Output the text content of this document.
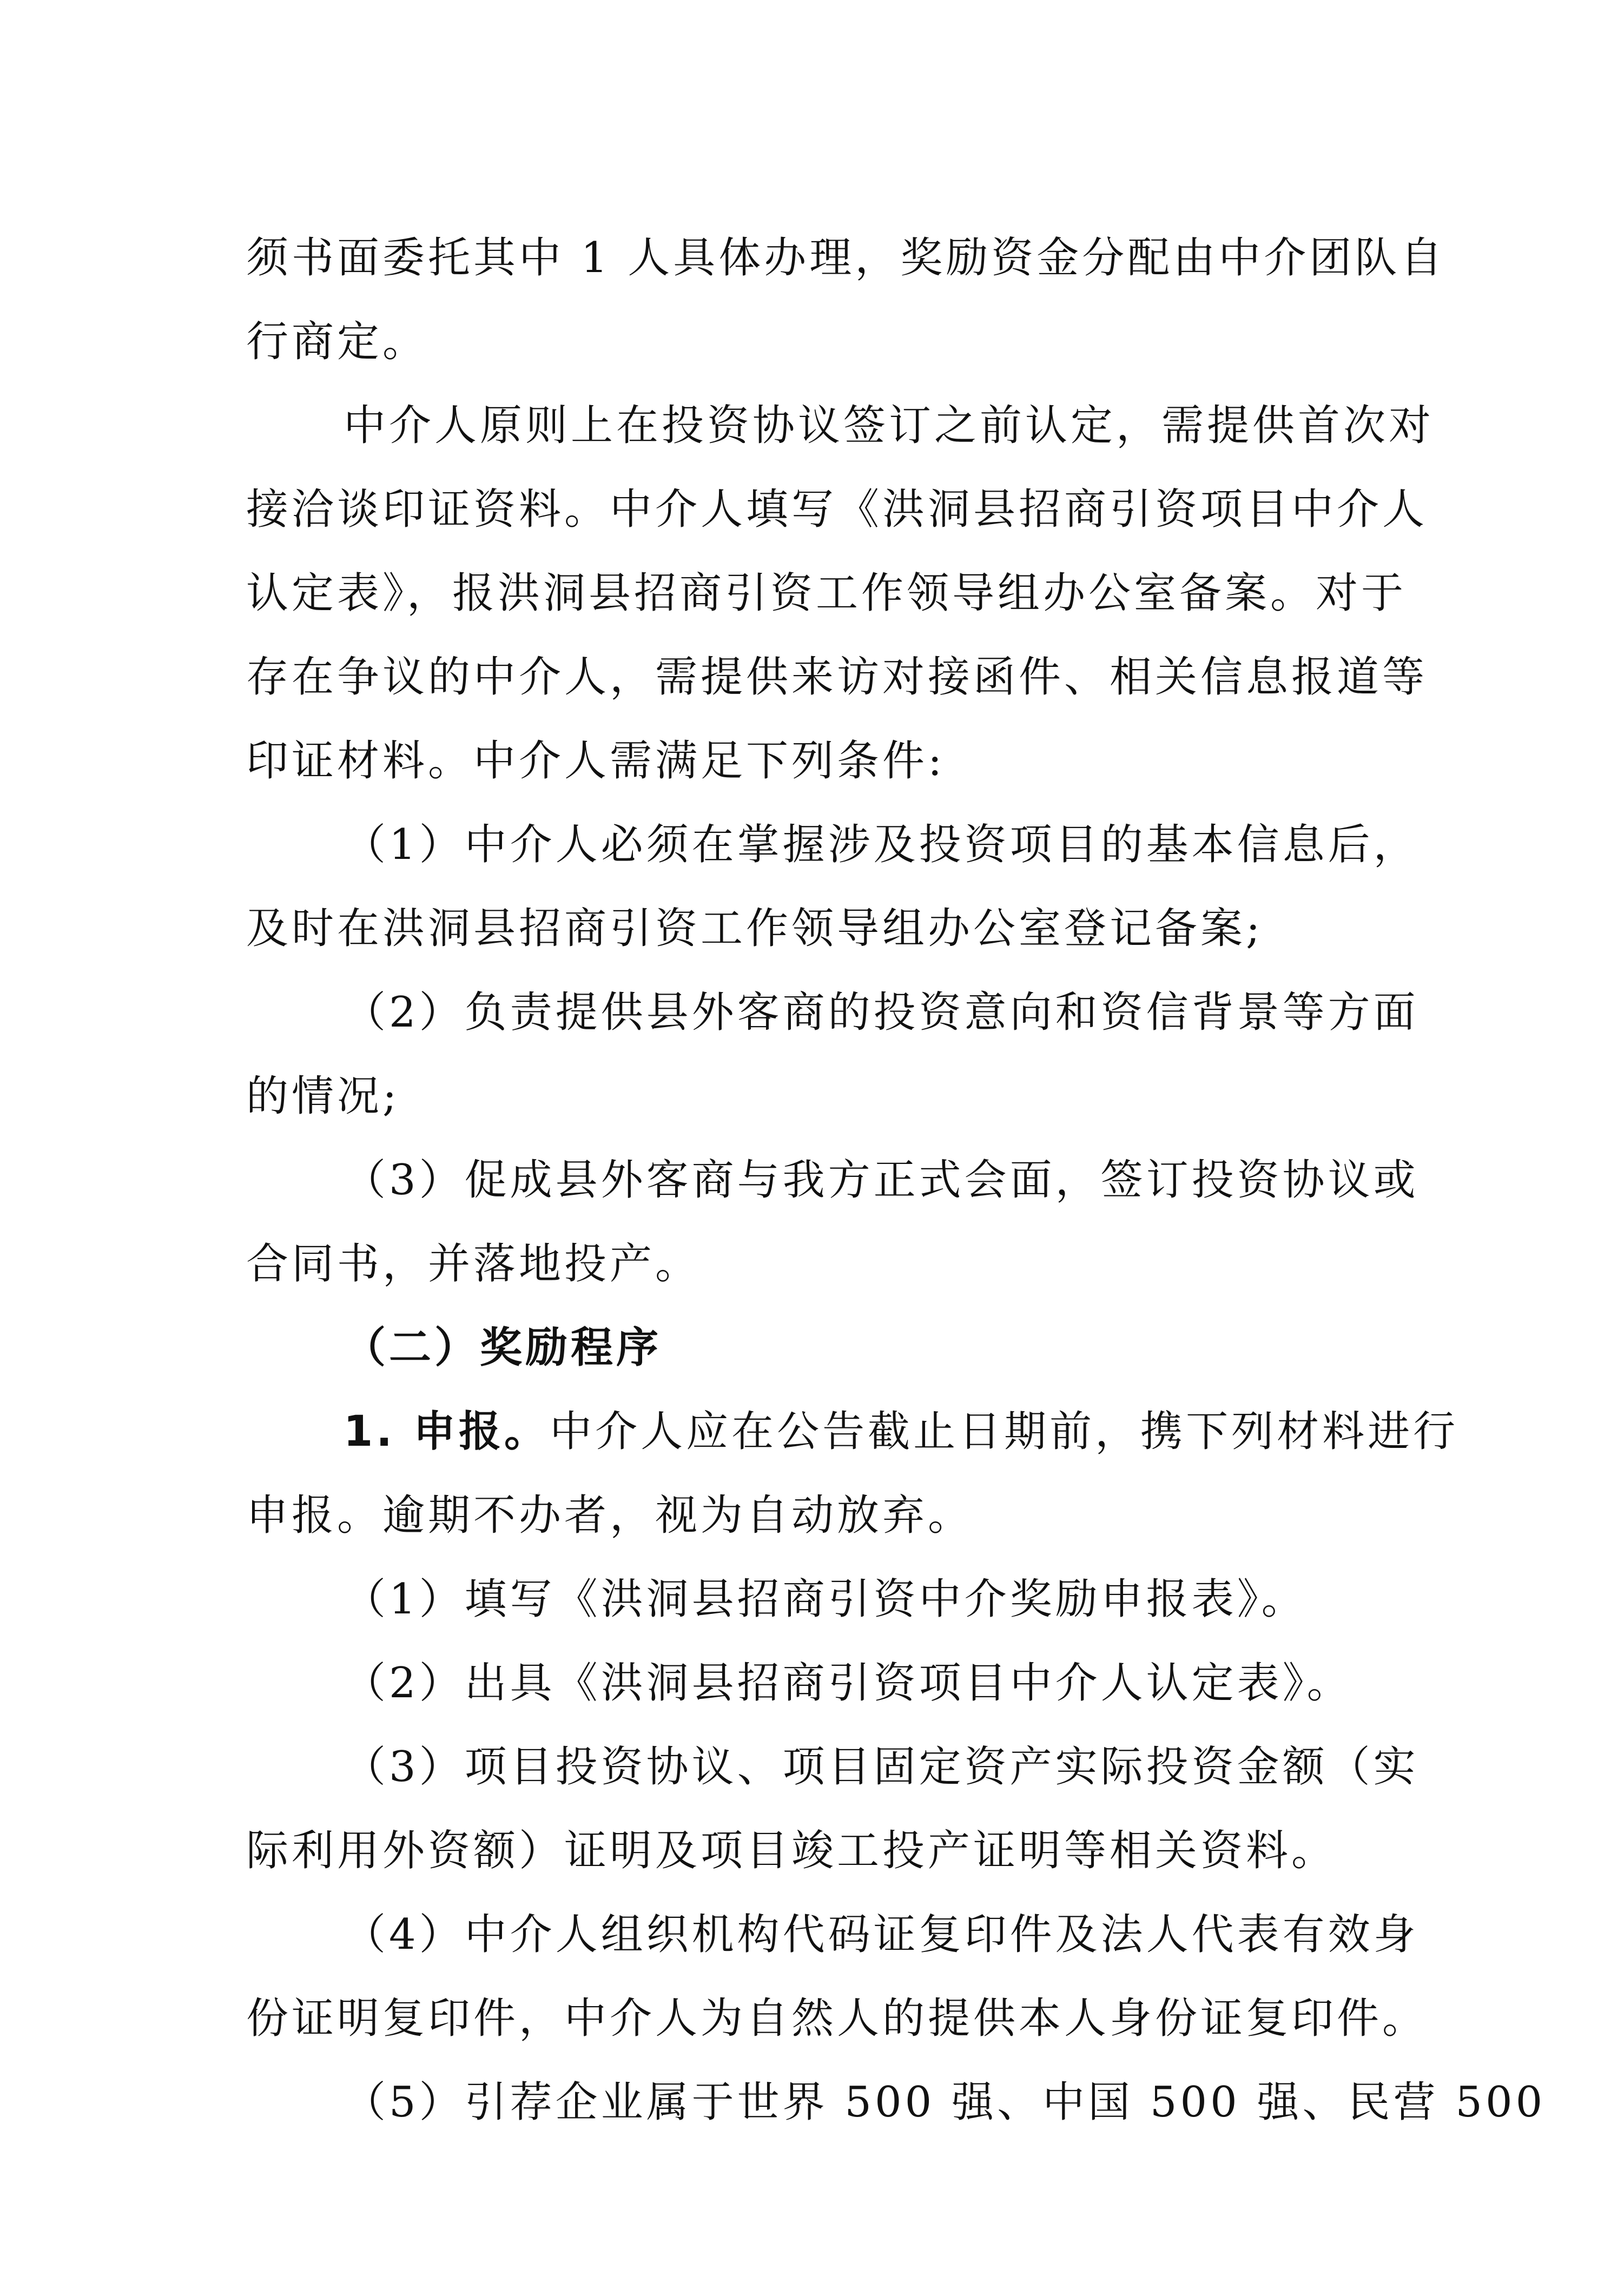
须书面委托其中 1 人具体办理，奖励资金分配由中介团队自
行商定。
中介人原则上在投资协议签订之前认定，需提供首次对
接洽谈印证资料。中介人填写《洪洞县招商引资项目中介人
认定表》，报洪洞县招商引资工作领导组办公室备案。对于
存在争议的中介人，需提供来访对接函件、相关信息报道等
印证材料。中介人需满足下列条件:
（1）中介人必须在掌握涉及投资项目的基本信息后，
及时在洪洞县招商引资工作领导组办公室登记备案;
（2）负责提供县外客商的投资意向和资信背景等方面
的情况;
（3）促成县外客商与我方正式会面，签订投资协议或
合同书，并落地投产。
（二）奖励程序
1. 申报。中介人应在公告截止日期前，携下列材料进行
申报。逾期不办者，视为自动放弃。
（1）填写《洪洞县招商引资中介奖励申报表》。
（2）出具《洪洞县招商引资项目中介人认定表》。
（3）项目投资协议、项目固定资产实际投资金额（实
际利用外资额）证明及项目竣工投产证明等相关资料。
（4）中介人组织机构代码证复印件及法人代表有效身
份证明复印件，中介人为自然人的提供本人身份证复印件。
（5）引荐企业属于世界 500 强、中国 500 强、民营 500
